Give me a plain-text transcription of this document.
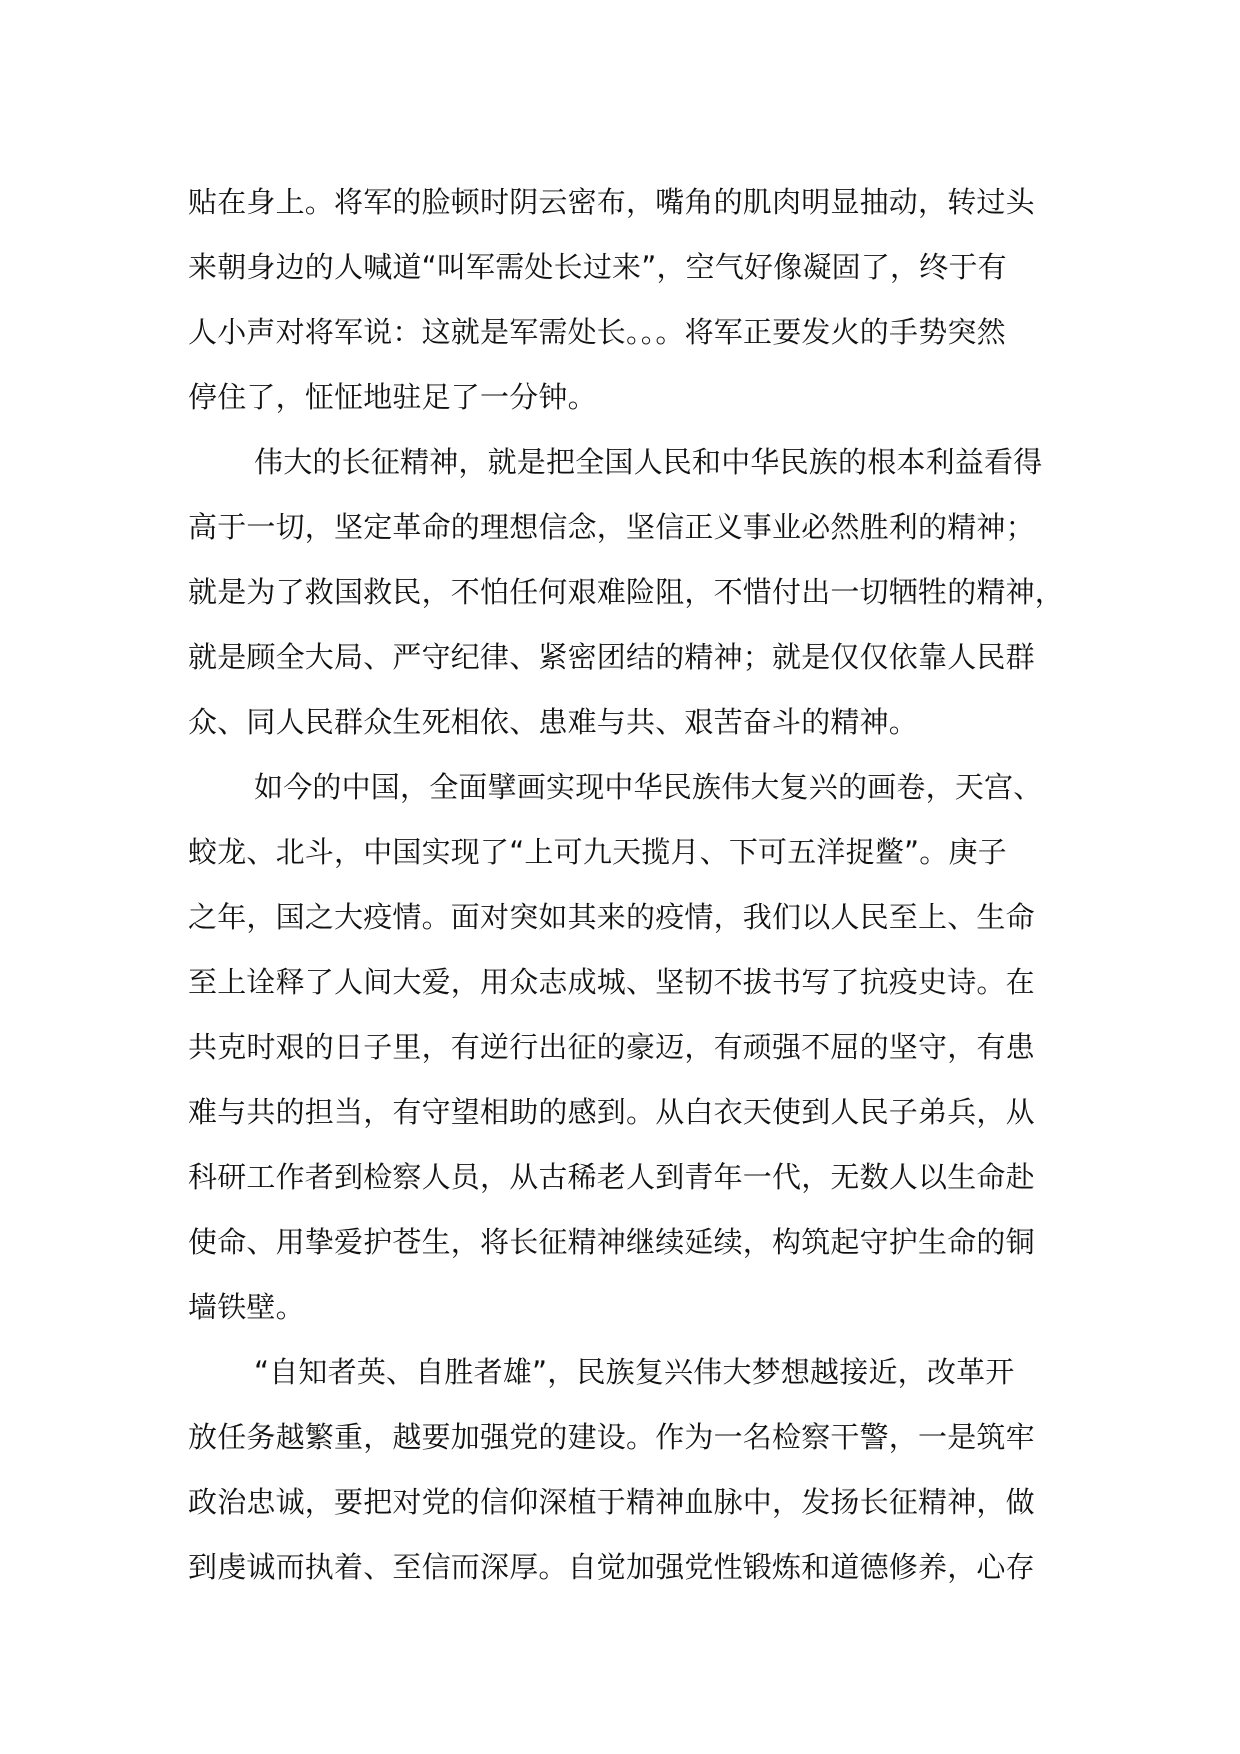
贴在身上。将军的脸顿时阴云密布，嘴角的肌肉明显抽动，转过头
来朝身边的人喊道“叫军需处长过来”，空气好像凝固了，终于有
人小声对将军说：这就是军需处长。。。将军正要发火的手势突然
停住了，怔怔地驻足了一分钟。
伟大的长征精神，就是把全国人民和中华民族的根本利益看得
高于一切，坚定革命的理想信念，坚信正义事业必然胜利的精神；
就是为了救国救民，不怕任何艰难险阻，不惜付出一切牺牲的精神，
就是顾全大局、严守纪律、紧密团结的精神；就是仅仅依靠人民群
众、同人民群众生死相依、患难与共、艰苦奋斗的精神。
如今的中国，全面擘画实现中华民族伟大复兴的画卷，天宫、
蛟龙、北斗，中国实现了“上可九天揽月、下可五洋捉鳖”。庚子
之年，国之大疫情。面对突如其来的疫情，我们以人民至上、生命
至上诠释了人间大爱，用众志成城、坚韧不拔书写了抗疫史诗。在
共克时艰的日子里，有逆行出征的豪迈，有顽强不屈的坚守，有患
难与共的担当，有守望相助的感到。从白衣天使到人民子弟兵，从
科研工作者到检察人员，从古稀老人到青年一代，无数人以生命赴
使命、用挚爱护苍生，将长征精神继续延续，构筑起守护生命的铜
墙铁壁。
“自知者英、自胜者雄”，民族复兴伟大梦想越接近，改革开
放任务越繁重，越要加强党的建设。作为一名检察干警，一是筑牢
政治忠诚，要把对党的信仰深植于精神血脉中，发扬长征精神，做
到虔诚而执着、至信而深厚。自觉加强党性锻炼和道德修养，心存
